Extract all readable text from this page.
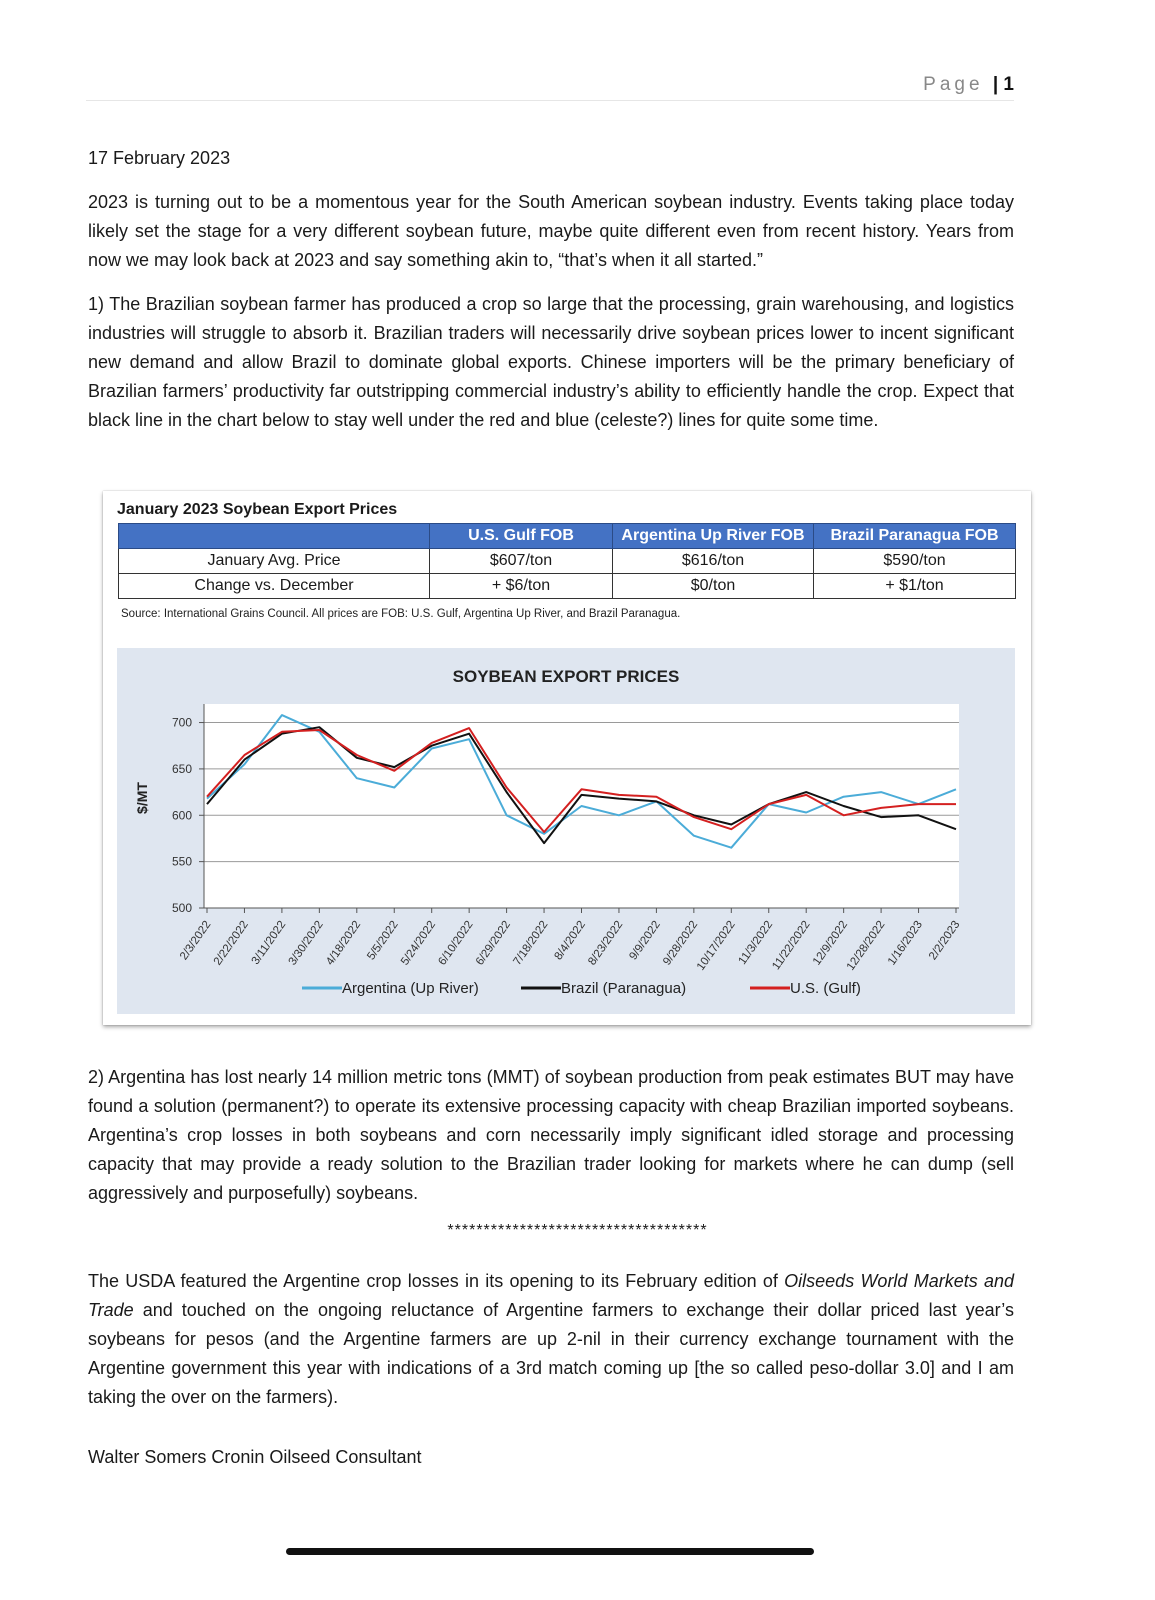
Page | 1
17 February 2023

2023 is turning out to be a momentous year for the South American soybean industry. Events taking place today likely set the stage for a very different soybean future, maybe quite different even from recent history. Years from now we may look back at 2023 and say something akin to, “that’s when it all started.”

1) The Brazilian soybean farmer has produced a crop so large that the processing, grain warehousing, and logistics industries will struggle to absorb it. Brazilian traders will necessarily drive soybean prices lower to incent significant new demand and allow Brazil to dominate global exports. Chinese importers will be the primary beneficiary of Brazilian farmers’ productivity far outstripping commercial industry’s ability to efficiently handle the crop. Expect that black line in the chart below to stay well under the red and blue (celeste?) lines for quite some time.

January 2023 Soybean Export Prices
	U.S. Gulf FOB	Argentina Up River FOB	Brazil Paranagua FOB
January Avg. Price	$607/ton	$616/ton	$590/ton
Change vs. December	+ $6/ton	$0/ton	+ $1/ton
Source: International Grains Council. All prices are FOB: U.S. Gulf, Argentina Up River, and Brazil Paranagua.
SOYBEAN EXPORT PRICES
$/MT
500
550
600
650
700
2/3/2022
2/22/2022
3/11/2022
3/30/2022
4/18/2022 5/5/2022
5/24/2022
6/10/2022
6/29/2022
7/18/2022 8/4/2022
8/23/2022 9/9/2022
9/28/2022
10/17/2022
11/3/2022
11/22/2022
12/9/2022
12/28/2022
1/16/2023 2/2/2023
Argentina (Up River)	Brazil (Paranagua)	U.S. (Gulf)

2) Argentina has lost nearly 14 million metric tons (MMT) of soybean production from peak estimates BUT may have found a solution (permanent?) to operate its extensive processing capacity with cheap Brazilian imported soybeans. Argentina’s crop losses in both soybeans and corn necessarily imply significant idled storage and processing capacity that may provide a ready solution to the Brazilian trader looking for markets where he can dump (sell aggressively and purposefully) soybeans.

************************************

The USDA featured the Argentine crop losses in its opening to its February edition of Oilseeds World Markets and Trade and touched on the ongoing reluctance of Argentine farmers to exchange their dollar priced last year’s soybeans for pesos (and the Argentine farmers are up 2-nil in their currency exchange tournament with the Argentine government this year with indications of a 3rd match coming up [the so called peso-dollar 3.0] and I am taking the over on the farmers).

Walter Somers Cronin Oilseed Consultant
